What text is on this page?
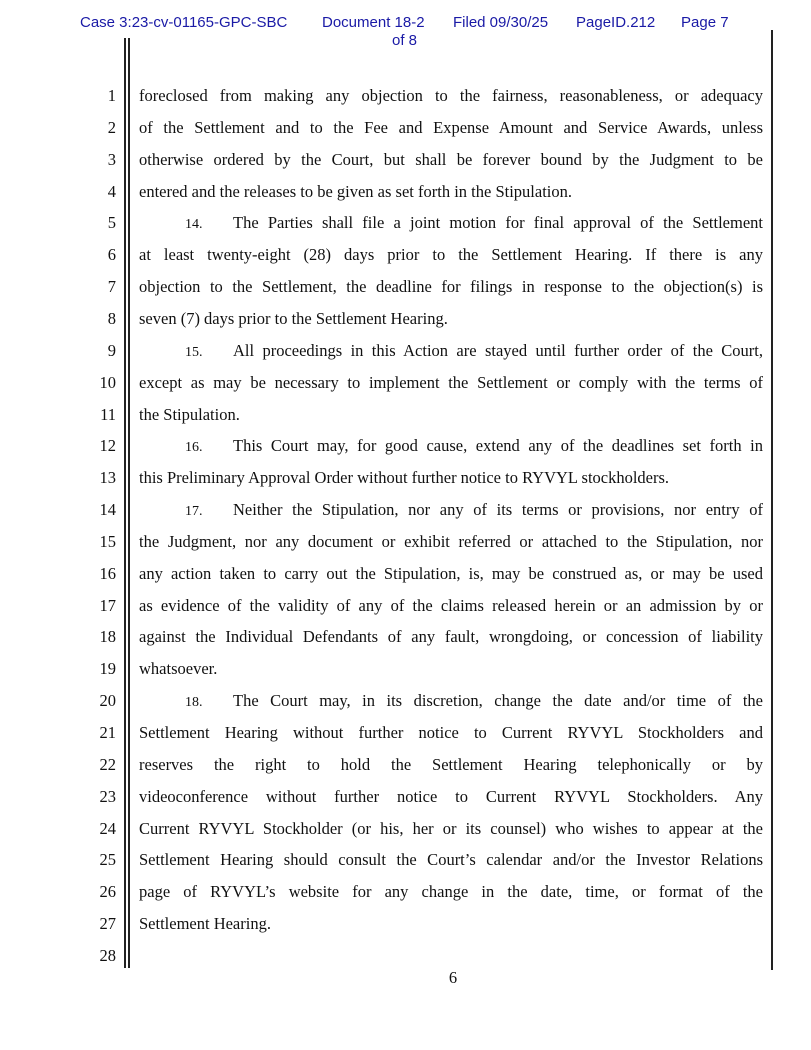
Case 3:23-cv-01165-GPC-SBC Document 18-2 Filed 09/30/25 PageID.212 Page 7
of 8
1
2
3
4
5
6
7
8
9
10
11
12
13
14
15
16
17
18
19
20
21
22
23
24
25
26
27
28
foreclosed from making any objection to the fairness, reasonableness, or adequacy
of the Settlement and to the Fee and Expense Amount and Service Awards, unless
otherwise ordered by the Court, but shall be forever bound by the Judgment to be
entered and the releases to be given as set forth in the Stipulation.
14. The Parties shall file a joint motion for final approval of the Settlement
at least twenty-eight (28) days prior to the Settlement Hearing. If there is any
objection to the Settlement, the deadline for filings in response to the objection(s) is
seven (7) days prior to the Settlement Hearing.
15. All proceedings in this Action are stayed until further order of the Court,
except as may be necessary to implement the Settlement or comply with the terms of
the Stipulation.
16. This Court may, for good cause, extend any of the deadlines set forth in
this Preliminary Approval Order without further notice to RYVYL stockholders.
17. Neither the Stipulation, nor any of its terms or provisions, nor entry of
the Judgment, nor any document or exhibit referred or attached to the Stipulation, nor
any action taken to carry out the Stipulation, is, may be construed as, or may be used
as evidence of the validity of any of the claims released herein or an admission by or
against the Individual Defendants of any fault, wrongdoing, or concession of liability
whatsoever.
18. The Court may, in its discretion, change the date and/or time of the
Settlement Hearing without further notice to Current RYVYL Stockholders and
reserves the right to hold the Settlement Hearing telephonically or by
videoconference without further notice to Current RYVYL Stockholders. Any
Current RYVYL Stockholder (or his, her or its counsel) who wishes to appear at the
Settlement Hearing should consult the Court’s calendar and/or the Investor Relations
page of RYVYL’s website for any change in the date, time, or format of the
Settlement Hearing.
6
